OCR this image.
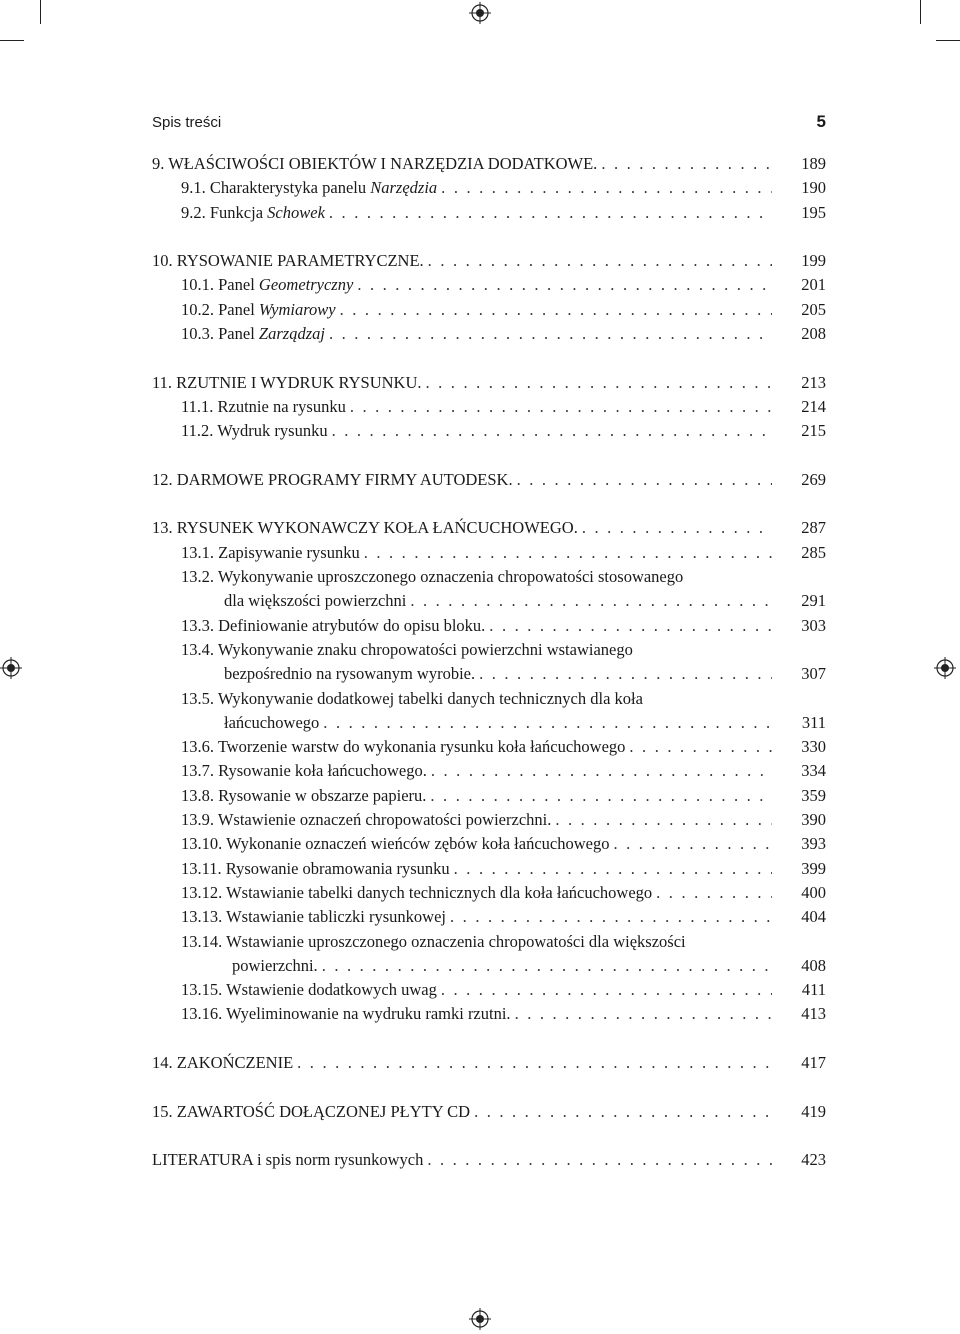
Spis treści	5
9. WŁAŚCIWOŚCI OBIEKTÓW I NARZĘDZIA DODATKOWE. . . .	189
9.1. Charakterystyka panelu Narzędzia . . .	190
9.2. Funkcja Schowek . . .	195
10. RYSOWANIE PARAMETRYCZNE. . . .	199
10.1. Panel Geometryczny . . .	201
10.2. Panel Wymiarowy . . .	205
10.3. Panel Zarządzaj . . .	208
11. RZUTNIE I WYDRUK RYSUNKU. . . .	213
11.1. Rzutnie na rysunku . . .	214
11.2. Wydruk rysunku . . .	215
12. DARMOWE PROGRAMY FIRMY AUTODESK. . . .	269
13. RYSUNEK WYKONAWCZY KOŁA ŁAŃCUCHOWEGO. . . .	287
13.1. Zapisywanie rysunku . . .	285
13.2. Wykonywanie uproszczonego oznaczenia chropowatości stosowanego
dla większości powierzchni . . .	291
13.3. Definiowanie atrybutów do opisu bloku. . . .	303
13.4. Wykonywanie znaku chropowatości powierzchni wstawianego
bezpośrednio na rysowanym wyrobie. . . .	307
13.5. Wykonywanie dodatkowej tabelki danych technicznych dla koła
łańcuchowego . . .	311
13.6. Tworzenie warstw do wykonania rysunku koła łańcuchowego . . .	330
13.7. Rysowanie koła łańcuchowego. . . .	334
13.8. Rysowanie w obszarze papieru. . . .	359
13.9. Wstawienie oznaczeń chropowatości powierzchni. . . .	390
13.10. Wykonanie oznaczeń wieńców zębów koła łańcuchowego . . .	393
13.11. Rysowanie obramowania rysunku . . .	399
13.12. Wstawianie tabelki danych technicznych dla koła łańcuchowego . . .	400
13.13. Wstawianie tabliczki rysunkowej . . .	404
13.14. Wstawianie uproszczonego oznaczenia chropowatości dla większości
powierzchni. . . .	408
13.15. Wstawienie dodatkowych uwag . . .	411
13.16. Wyeliminowanie na wydruku ramki rzutni. . . .	413
14. ZAKOŃCZENIE . . .	417
15. ZAWARTOŚĆ DOŁĄCZONEJ PŁYTY CD . . .	419
LITERATURA i spis norm rysunkowych . . .	423
